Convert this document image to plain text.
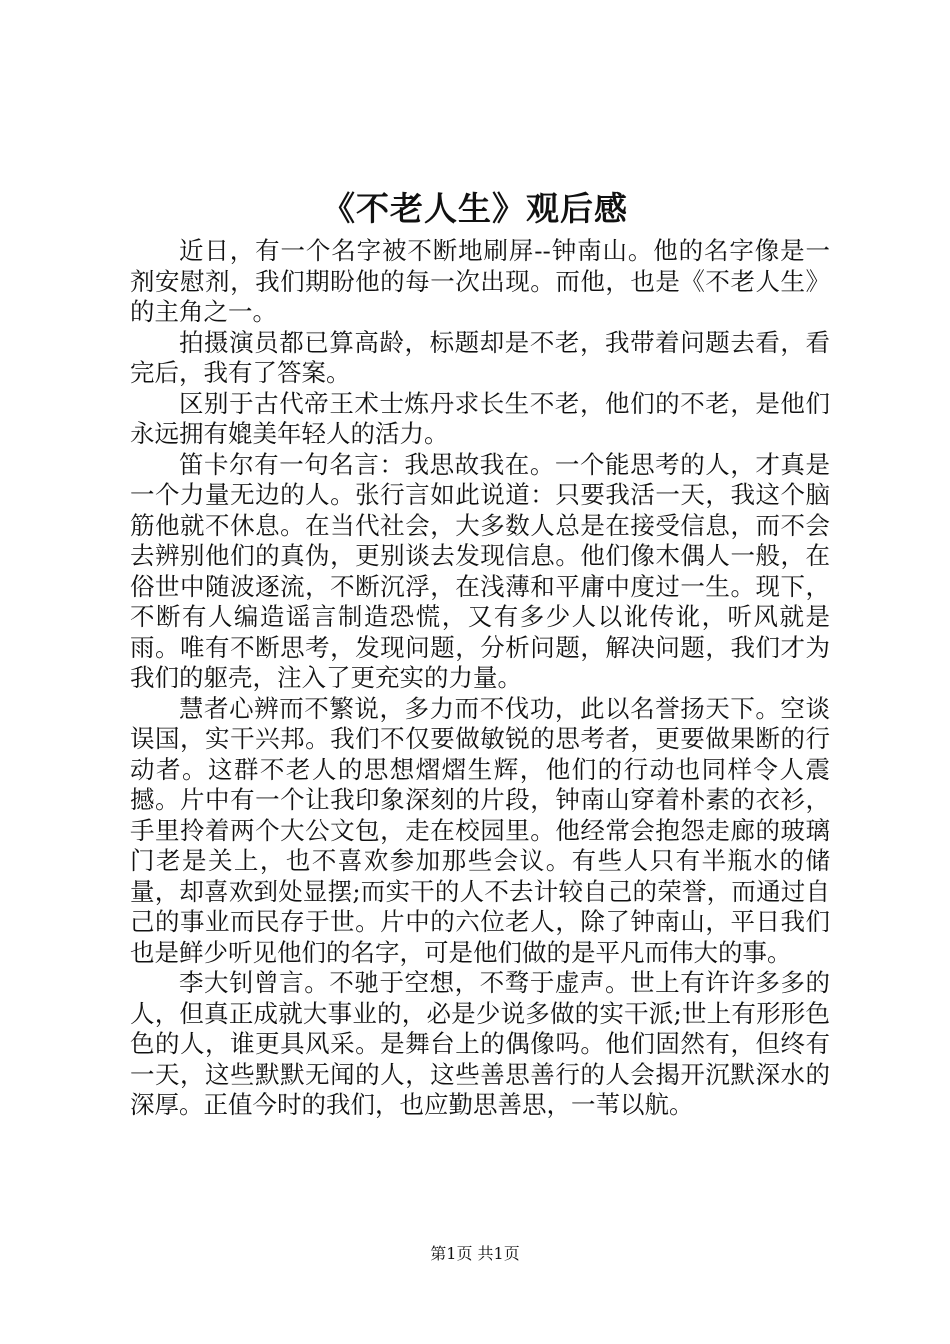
《不老人生》观后感

近日，有一个名字被不断地刷屏--钟南山。他的名字像是一剂安慰剂，我们期盼他的每一次出现。而他，也是《不老人生》的主角之一。

拍摄演员都已算高龄，标题却是不老，我带着问题去看，看完后，我有了答案。

区别于古代帝王术士炼丹求长生不老，他们的不老，是他们永远拥有媲美年轻人的活力。

笛卡尔有一句名言：我思故我在。一个能思考的人，才真是一个力量无边的人。张行言如此说道：只要我活一天，我这个脑筋他就不休息。在当代社会，大多数人总是在接受信息，而不会去辨别他们的真伪，更别谈去发现信息。他们像木偶人一般，在俗世中随波逐流，不断沉浮，在浅薄和平庸中度过一生。现下，不断有人编造谣言制造恐慌，又有多少人以讹传讹，听风就是雨。唯有不断思考，发现问题，分析问题，解决问题，我们才为我们的躯壳，注入了更充实的力量。

慧者心辨而不繁说，多力而不伐功，此以名誉扬天下。空谈误国，实干兴邦。我们不仅要做敏锐的思考者，更要做果断的行动者。这群不老人的思想熠熠生辉，他们的行动也同样令人震撼。片中有一个让我印象深刻的片段，钟南山穿着朴素的衣衫，手里拎着两个大公文包，走在校园里。他经常会抱怨走廊的玻璃门老是关上，也不喜欢参加那些会议。有些人只有半瓶水的储量，却喜欢到处显摆;而实干的人不去计较自己的荣誉，而通过自己的事业而民存于世。片中的六位老人，除了钟南山，平日我们也是鲜少听见他们的名字，可是他们做的是平凡而伟大的事。

李大钊曾言。不驰于空想，不骛于虚声。世上有许许多多的人，但真正成就大事业的，必是少说多做的实干派;世上有形形色色的人，谁更具风采。是舞台上的偶像吗。他们固然有，但终有一天，这些默默无闻的人，这些善思善行的人会揭开沉默深水的深厚。正值今时的我们，也应勤思善思，一苇以航。

第1页 共1页
